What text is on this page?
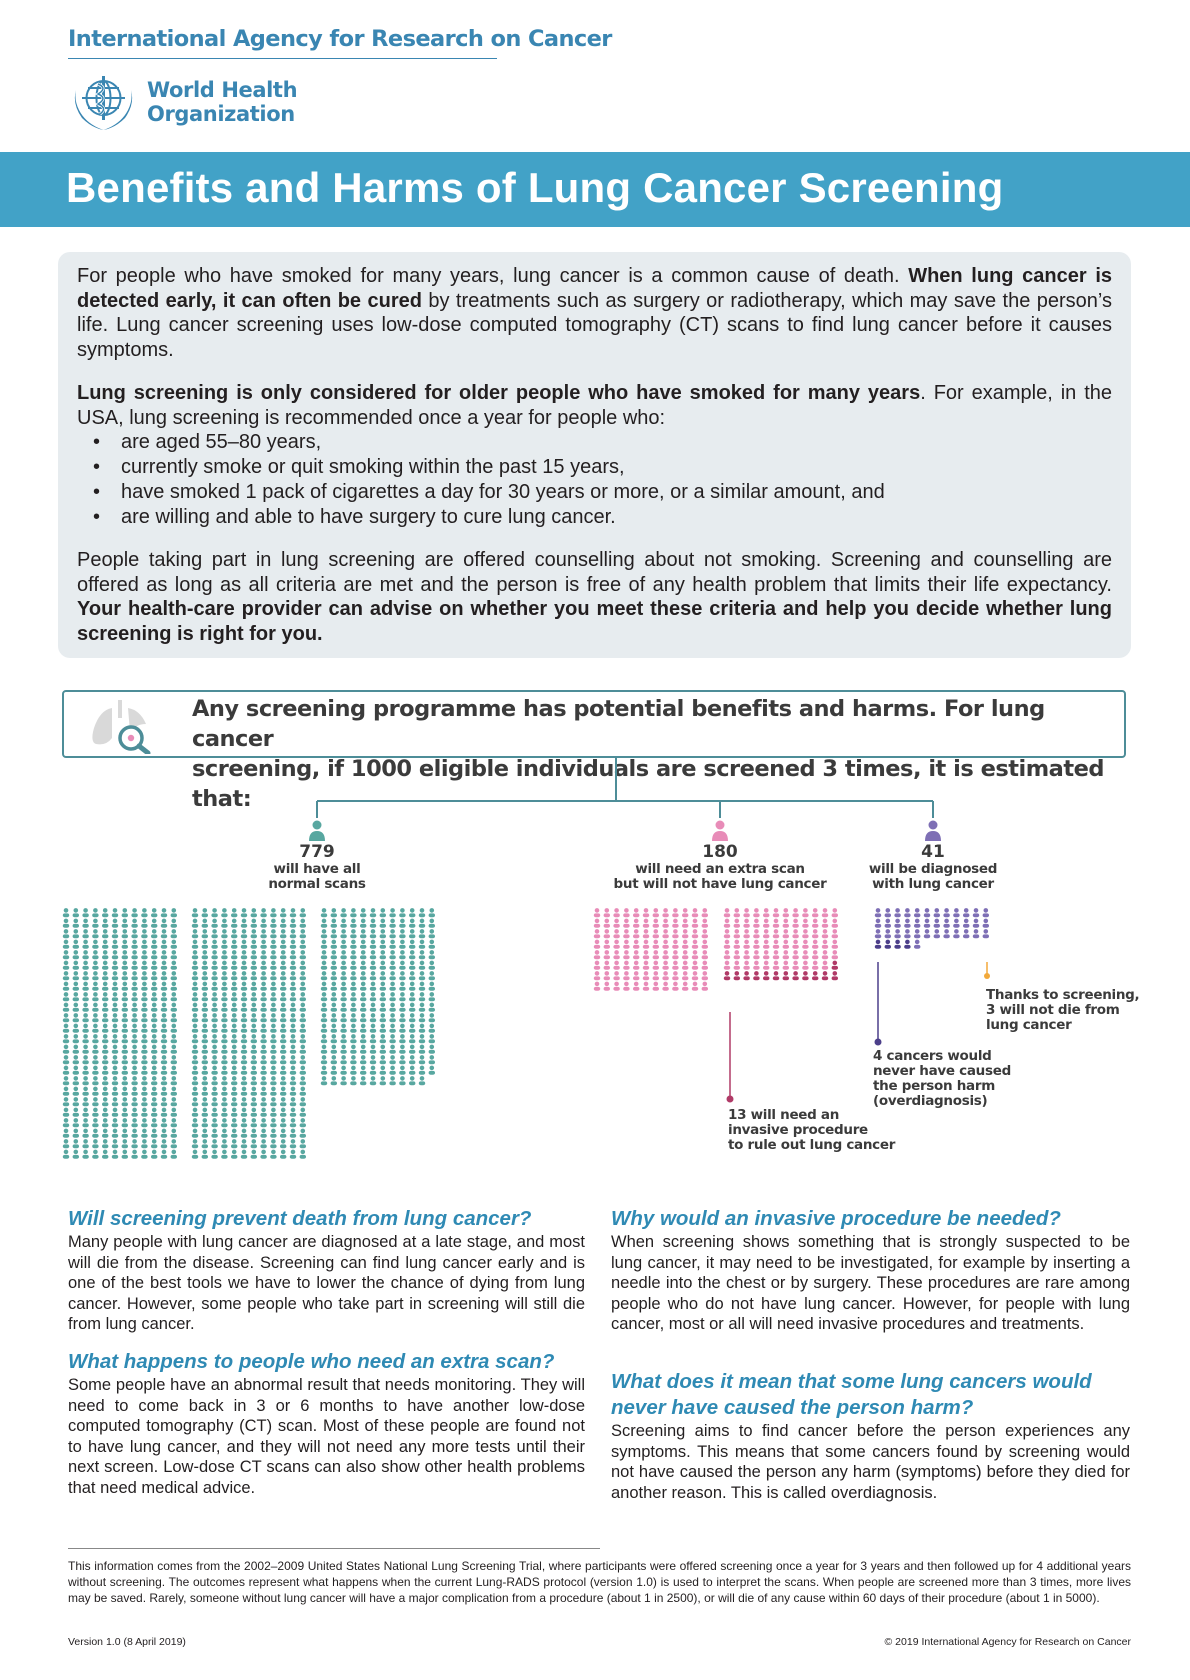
International Agency for Research on Cancer
World Health
Organization
Benefits and Harms of Lung Cancer Screening

For people who have smoked for many years, lung cancer is a common cause of death. When lung cancer is detected early, it can often be cured by treatments such as surgery or radiotherapy, which may save the person’s life. Lung cancer screening uses low-dose computed tomography (CT) scans to find lung cancer before it causes symptoms.

Lung screening is only considered for older people who have smoked for many years. For example, in the USA, lung screening is recommended once a year for people who:

• are aged 55–80 years,
• currently smoke or quit smoking within the past 15 years,
• have smoked 1 pack of cigarettes a day for 30 years or more, or a similar amount, and
• are willing and able to have surgery to cure lung cancer.

People taking part in lung screening are offered counselling about not smoking. Screening and counselling are offered as long as all criteria are met and the person is free of any health problem that limits their life expectancy. Your health-care provider can advise on whether you meet these criteria and help you decide whether lung screening is right for you.

Any screening programme has potential benefits and harms. For lung cancer
screening, if 1000 eligible individuals are screened 3 times, it is estimated that:
779
will have all
normal scans
180
will need an extra scan
but will not have lung cancer
41
will be diagnosed
with lung cancer
13 will need an
invasive procedure
to rule out lung cancer
4 cancers would
never have caused
the person harm
(overdiagnosis)
Thanks to screening,
3 will not die from
lung cancer
Will screening prevent death from lung cancer?

Many people with lung cancer are diagnosed at a late stage, and most will die from the disease. Screening can find lung cancer early and is one of the best tools we have to lower the chance of dying from lung cancer. However, some people who take part in screening will still die from lung cancer.

What happens to people who need an extra scan?

Some people have an abnormal result that needs monitoring. They will need to come back in 3 or 6 months to have another low-dose computed tomography (CT) scan. Most of these people are found not to have lung cancer, and they will not need any more tests until their next screen. Low-dose CT scans can also show other health problems that need medical advice.

Why would an invasive procedure be needed?

When screening shows something that is strongly suspected to be lung cancer, it may need to be investigated, for example by inserting a needle into the chest or by surgery. These procedures are rare among people who do not have lung cancer. However, for people with lung cancer, most or all will need invasive procedures and treatments.

What does it mean that some lung cancers would
never have caused the person harm?

Screening aims to find cancer before the person experiences any symptoms. This means that some cancers found by screening would not have caused the person any harm (symptoms) before they died for another reason. This is called overdiagnosis.

This information comes from the 2002–2009 United States National Lung Screening Trial, where participants were offered screening once a year for 3 years and then followed up for 4 additional years without screening. The outcomes represent what happens when the current Lung-RADS protocol (version 1.0) is used to interpret the scans. When people are screened more than 3 times, more lives may be saved. Rarely, someone without lung cancer will have a major complication from a procedure (about 1 in 2500), or will die of any cause within 60 days of their procedure (about 1 in 5000).

Version 1.0 (8 April 2019)	© 2019 International Agency for Research on Cancer
